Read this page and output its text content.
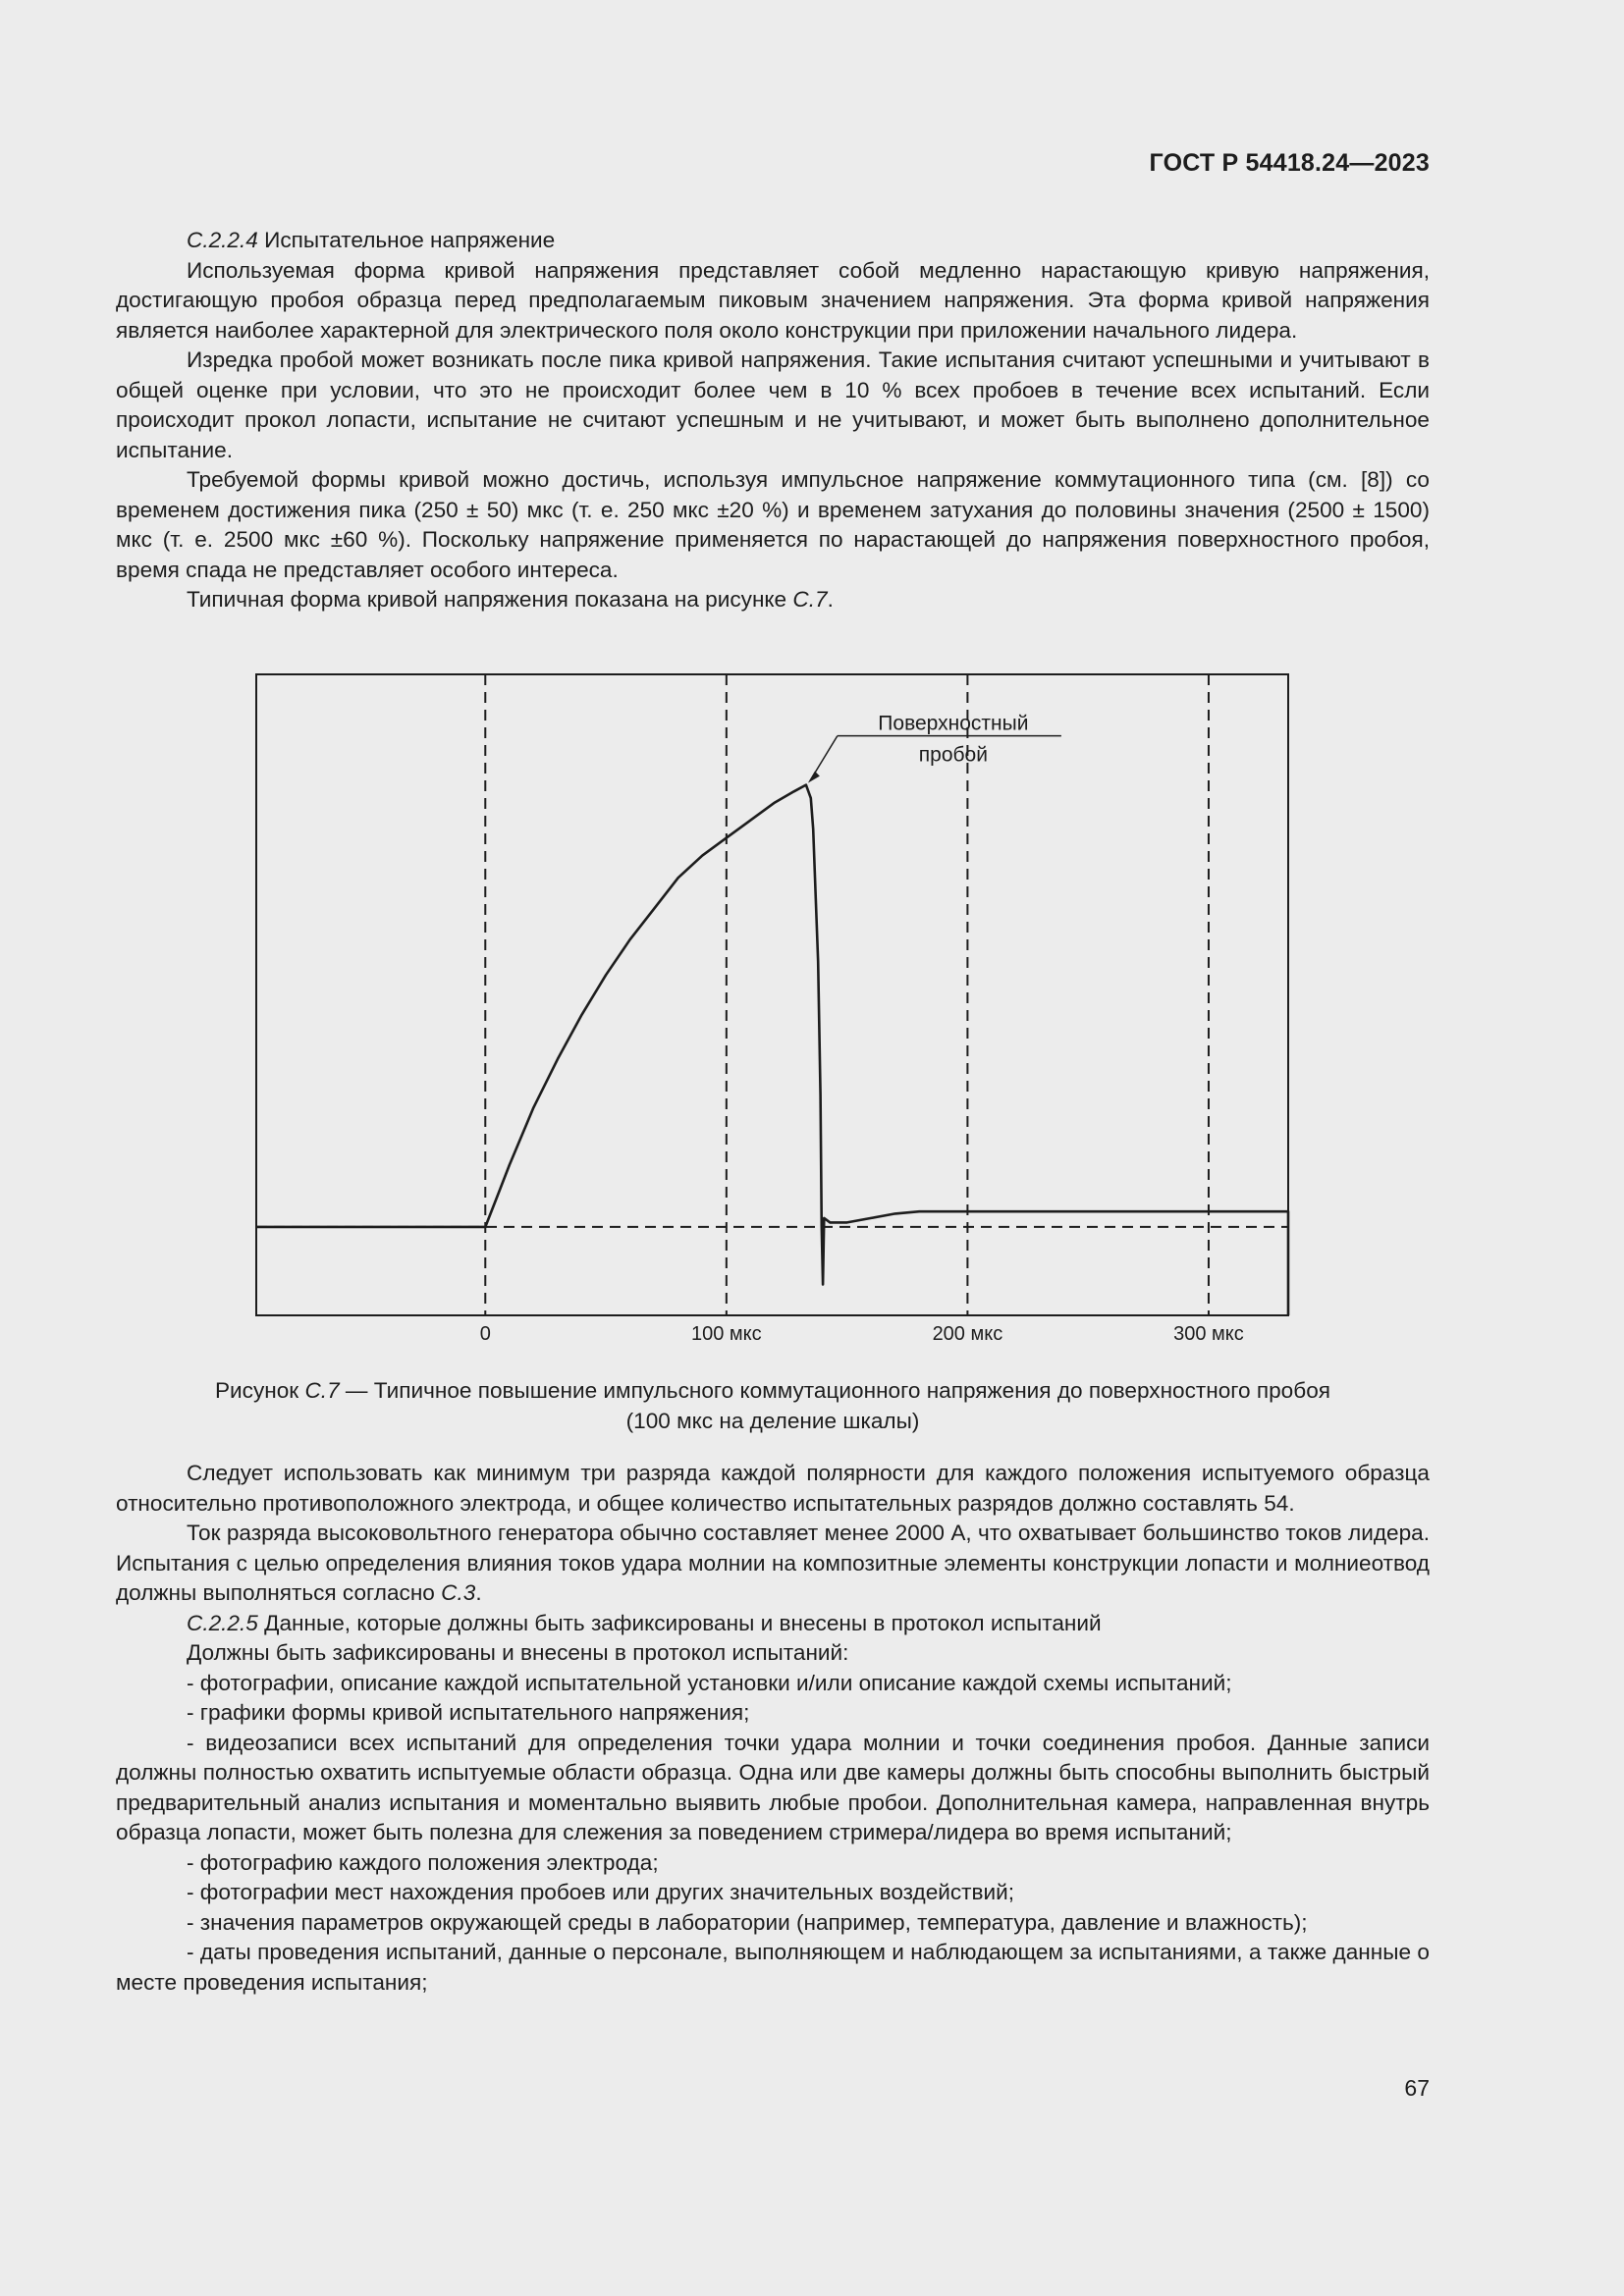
ГОСТ Р 54418.24—2023

С.2.2.4 Испытательное напряжение

Используемая форма кривой напряжения представляет собой медленно нарастающую кривую напряжения, достигающую пробоя образца перед предполагаемым пиковым значением напряжения. Эта форма кривой напряжения является наиболее характерной для электрического поля около конструкции при приложении начального лидера.

Изредка пробой может возникать после пика кривой напряжения. Такие испытания считают успешными и учитывают в общей оценке при условии, что это не происходит более чем в 10 % всех пробоев в течение всех испытаний. Если происходит прокол лопасти, испытание не считают успешным и не учитывают, и может быть выполнено дополнительное испытание.

Требуемой формы кривой можно достичь, используя импульсное напряжение коммутационного типа (см. [8]) со временем достижения пика (250 ± 50) мкс (т. е. 250 мкс ±20 %) и временем затухания до половины значения (2500 ± 1500) мкс (т. е. 2500 мкс ±60 %). Поскольку напряжение применяется по нарастающей до напряжения поверхностного пробоя, время спада не представляет особого интереса.

Типичная форма кривой напряжения показана на рисунке С.7.

0	100 мкс	200 мкс	300 мкс
Поверхностный
пробой
Рисунок С.7 — Типичное повышение импульсного коммутационного напряжения до поверхностного пробоя
(100 мкс на деление шкалы)

Следует использовать как минимум три разряда каждой полярности для каждого положения испытуемого образца относительно противоположного электрода, и общее количество испытательных разрядов должно составлять 54.

Ток разряда высоковольтного генератора обычно составляет менее 2000 А, что охватывает большинство токов лидера. Испытания с целью определения влияния токов удара молнии на композитные элементы конструкции лопасти и молниеотвод должны выполняться согласно С.3.

С.2.2.5 Данные, которые должны быть зафиксированы и внесены в протокол испытаний

Должны быть зафиксированы и внесены в протокол испытаний:

- фотографии, описание каждой испытательной установки и/или описание каждой схемы испытаний;

- графики формы кривой испытательного напряжения;

- видеозаписи всех испытаний для определения точки удара молнии и точки соединения пробоя. Данные записи должны полностью охватить испытуемые области образца. Одна или две камеры должны быть способны выполнить быстрый предварительный анализ испытания и моментально выявить любые пробои. Дополнительная камера, направленная внутрь образца лопасти, может быть полезна для слежения за поведением стримера/лидера во время испытаний;

- фотографию каждого положения электрода;

- фотографии мест нахождения пробоев или других значительных воздействий;

- значения параметров окружающей среды в лаборатории (например, температура, давление и влажность);

- даты проведения испытаний, данные о персонале, выполняющем и наблюдающем за испытаниями, а также данные о месте проведения испытания;

67
